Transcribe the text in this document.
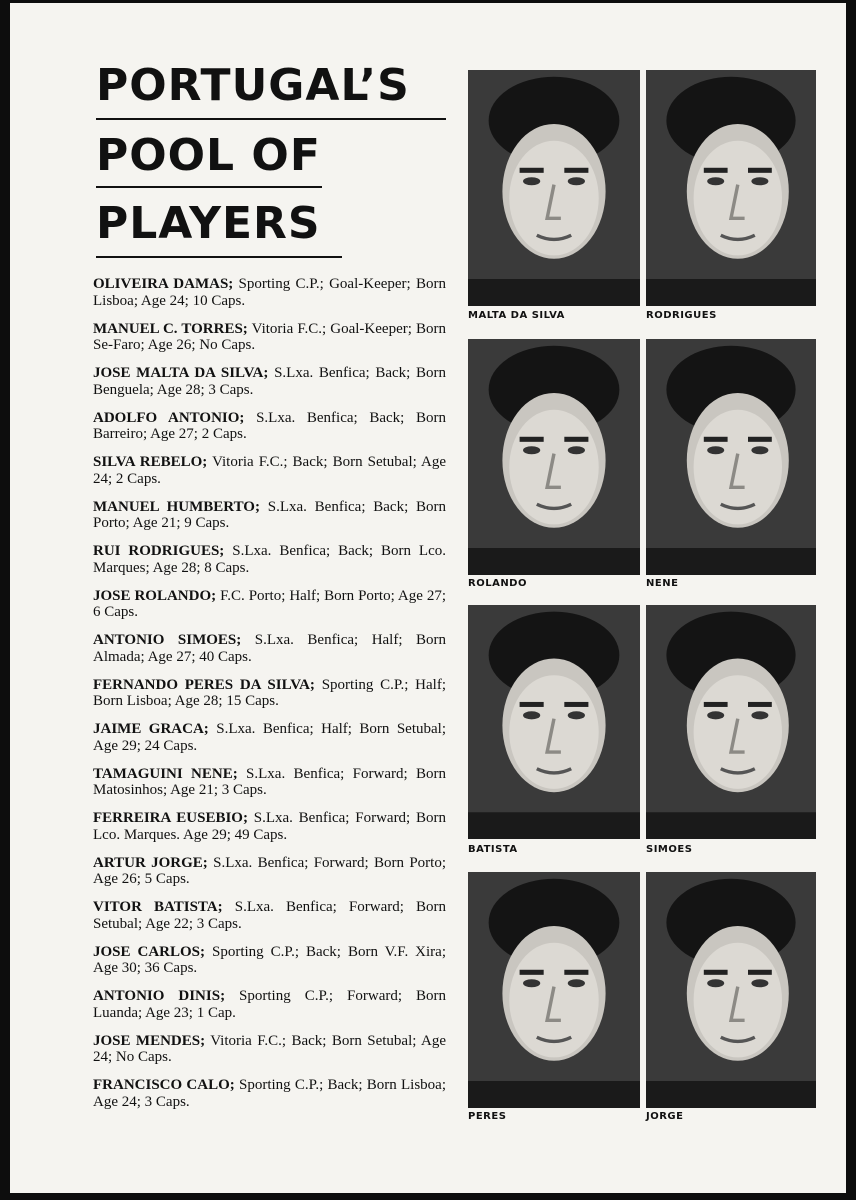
PORTUGAL’S
POOL OF
PLAYERS

OLIVEIRA DAMAS; Sporting C.P.; Goal-Keeper; Born Lisboa; Age 24; 10 Caps.

MANUEL C. TORRES; Vitoria F.C.; Goal-Keeper; Born Se-Faro; Age 26; No Caps.

JOSE MALTA DA SILVA; S.Lxa. Benfica; Back; Born Benguela; Age 28; 3 Caps.

ADOLFO ANTONIO; S.Lxa. Benfica; Back; Born Barreiro; Age 27; 2 Caps.

SILVA REBELO; Vitoria F.C.; Back; Born Setubal; Age 24; 2 Caps.

MANUEL HUMBERTO; S.Lxa. Benfica; Back; Born Porto; Age 21; 9 Caps.

RUI RODRIGUES; S.Lxa. Benfica; Back; Born Lco. Marques; Age 28; 8 Caps.

JOSE ROLANDO; F.C. Porto; Half; Born Porto; Age 27; 6 Caps.

ANTONIO SIMOES; S.Lxa. Benfica; Half; Born Almada; Age 27; 40 Caps.

FERNANDO PERES DA SILVA; Sporting C.P.; Half; Born Lisboa; Age 28; 15 Caps.

JAIME GRACA; S.Lxa. Benfica; Half; Born Setubal; Age 29; 24 Caps.

TAMAGUINI NENE; S.Lxa. Benfica; Forward; Born Matosinhos; Age 21; 3 Caps.

FERREIRA EUSEBIO; S.Lxa. Benfica; Forward; Born Lco. Marques. Age 29; 49 Caps.

ARTUR JORGE; S.Lxa. Benfica; Forward; Born Porto; Age 26; 5 Caps.

VITOR BATISTA; S.Lxa. Benfica; Forward; Born Setubal; Age 22; 3 Caps.

JOSE CARLOS; Sporting C.P.; Back; Born V.F. Xira; Age 30; 36 Caps.

ANTONIO DINIS; Sporting C.P.; Forward; Born Luanda; Age 23; 1 Cap.

JOSE MENDES; Vitoria F.C.; Back; Born Setubal; Age 24; No Caps.

FRANCISCO CALO; Sporting C.P.; Back; Born Lisboa; Age 24; 3 Caps.

MALTA DA SILVA	RODRIGUES
ROLANDO	NENE
BATISTA	SIMOES
PERES	JORGE
